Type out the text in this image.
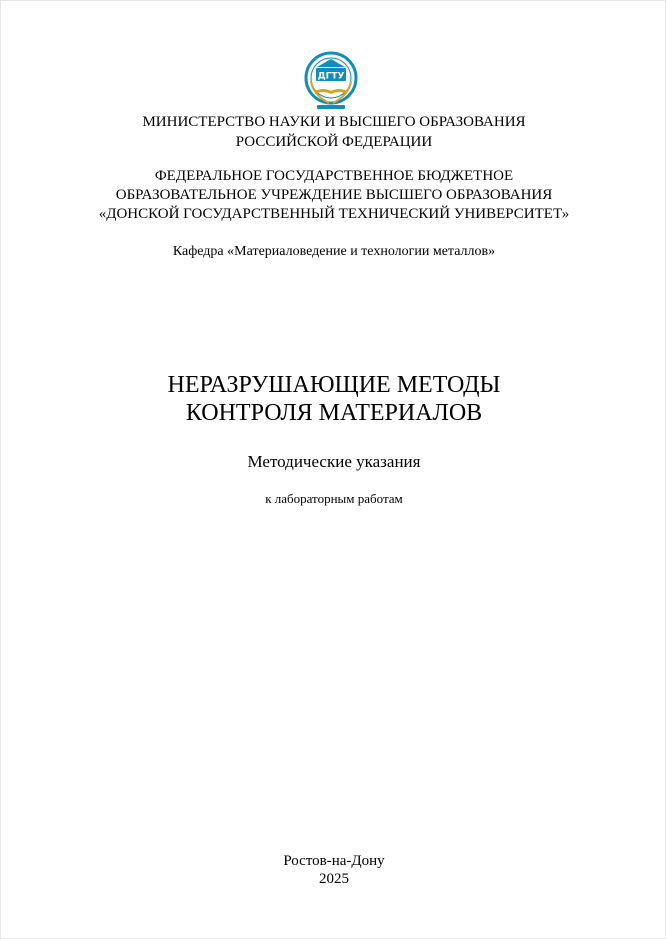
ДГТУ
МИНИСТЕРСТВО НАУКИ И ВЫСШЕГО ОБРАЗОВАНИЯ
РОССИЙСКОЙ ФЕДЕРАЦИИ
ФЕДЕРАЛЬНОЕ ГОСУДАРСТВЕННОЕ БЮДЖЕТНОЕ
ОБРАЗОВАТЕЛЬНОЕ УЧРЕЖДЕНИЕ ВЫСШЕГО ОБРАЗОВАНИЯ
«ДОНСКОЙ ГОСУДАРСТВЕННЫЙ ТЕХНИЧЕСКИЙ УНИВЕРСИТЕТ»
Кафедра «Материаловедение и технологии металлов»
НЕРАЗРУШАЮЩИЕ МЕТОДЫ
КОНТРОЛЯ МАТЕРИАЛОВ
Методические указания
к лабораторным работам
Ростов-на-Дону
2025
